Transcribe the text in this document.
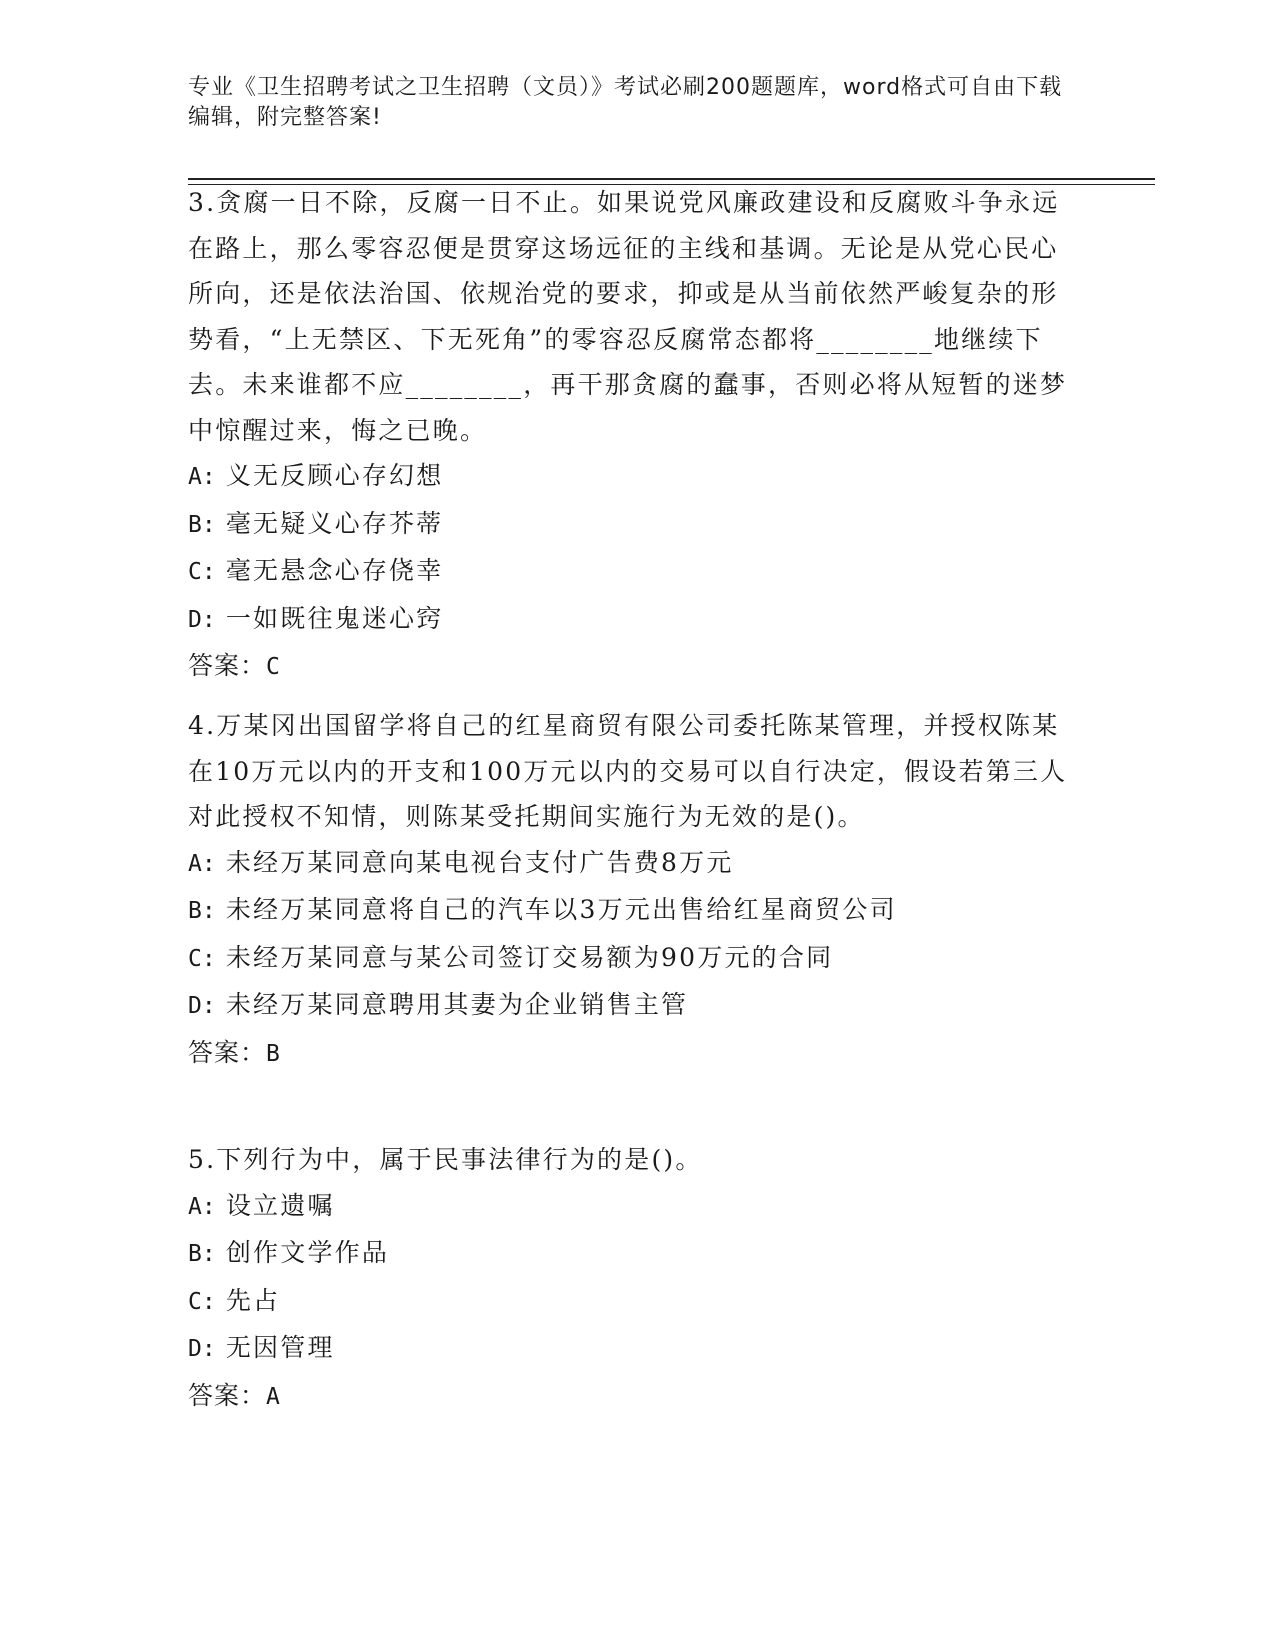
专业《卫生招聘考试之卫生招聘（文员）》考试必刷200题题库，word格式可自由下载编辑，附完整答案!

3.贪腐一日不除，反腐一日不止。如果说党风廉政建设和反腐败斗争永远在路上，那么零容忍便是贯穿这场远征的主线和基调。无论是从党心民心所向，还是依法治国、依规治党的要求，抑或是从当前依然严峻复杂的形势看，“上无禁区、下无死角”的零容忍反腐常态都将________地继续下去。未来谁都不应________，再干那贪腐的蠢事，否则必将从短暂的迷梦中惊醒过来，悔之已晚。

A: 义无反顾心存幻想
B: 毫无疑义心存芥蒂
C: 毫无悬念心存侥幸
D: 一如既往鬼迷心窍
答案：C

4.万某冈出国留学将自己的红星商贸有限公司委托陈某管理，并授权陈某在10万元以内的开支和100万元以内的交易可以自行决定，假设若第三人对此授权不知情，则陈某受托期间实施行为无效的是()。

A: 未经万某同意向某电视台支付广告费8万元
B: 未经万某同意将自己的汽车以3万元出售给红星商贸公司
C: 未经万某同意与某公司签订交易额为90万元的合同
D: 未经万某同意聘用其妻为企业销售主管
答案：B

5.下列行为中，属于民事法律行为的是()。

A: 设立遗嘱
B: 创作文学作品
C: 先占
D: 无因管理
答案：A
